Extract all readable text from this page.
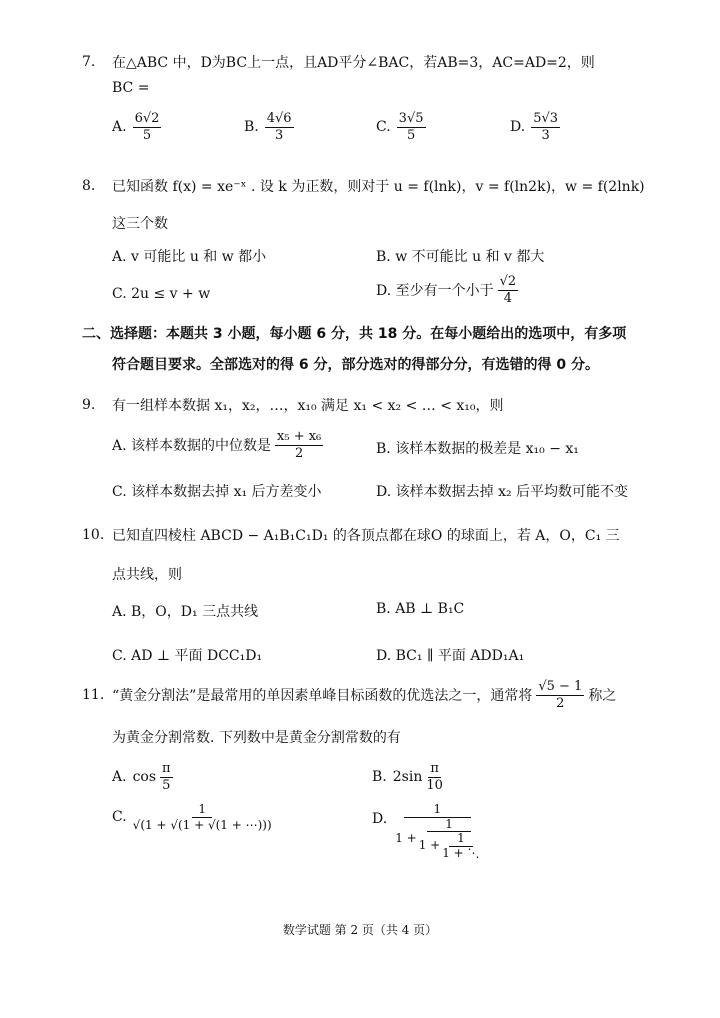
7.	在△ABC 中，D为BC上一点，且AD平分∠BAC，若AB=3，AC=AD=2，则
BC =
A. $\frac{6√2}{5}$	B. $\frac{4√6}{3}$	C. $\frac{3√5}{5}$	D. $\frac{5√3}{3}$
8.	已知函数 f(x) = xe⁻ˣ . 设 k 为正数，则对于 u = f(lnk)，v = f(ln2k)，w = f(2lnk)
这三个数
A. v 可能比 u 和 w 都小	B. w 不可能比 u 和 v 都大
C. 2u ≤ v + w	D. 至少有一个小于 $\frac{√2}{4}$
二、选择题：本题共 3 小题，每小题 6 分，共 18 分。在每小题给出的选项中，有多项
符合题目要求。全部选对的得 6 分，部分选对的得部分分，有选错的得 0 分。
9.	有一组样本数据 x₁，x₂，…，x₁₀ 满足 x₁ < x₂ < … < x₁₀，则
A. 该样本数据的中位数是 $\frac{\text{x₅ + x₆}}{2}$	B. 该样本数据的极差是 x₁₀ − x₁
C. 该样本数据去掉 x₁ 后方差变小	D. 该样本数据去掉 x₂ 后平均数可能不变
10. 已知直四棱柱 ABCD − A₁B₁C₁D₁ 的各顶点都在球O 的球面上，若 A，O，C₁ 三
点共线，则
A. B，O，D₁ 三点共线	B. AB ⊥ B₁C
C. AD ⊥ 平面 DCC₁D₁	D. BC₁ ∥ 平面 ADD₁A₁
11. “黄金分割法”是最常用的单因素单峰目标函数的优选法之一，通常将 $\frac{√5 - 1}{2}$ 称之
为黄金分割常数. 下列数中是黄金分割常数的有
A. $\cos \frac{\pi}{5}$	B. $2\sin \frac{\pi}{10}$
C. $\frac{1}{√(1 + √(1 + √(1 + \cdots)))}$	D.
1
$1 + \frac{1}{1 + \frac{1}{1 + ⋱}}$
数学试题 第 2 页（共 4 页）
